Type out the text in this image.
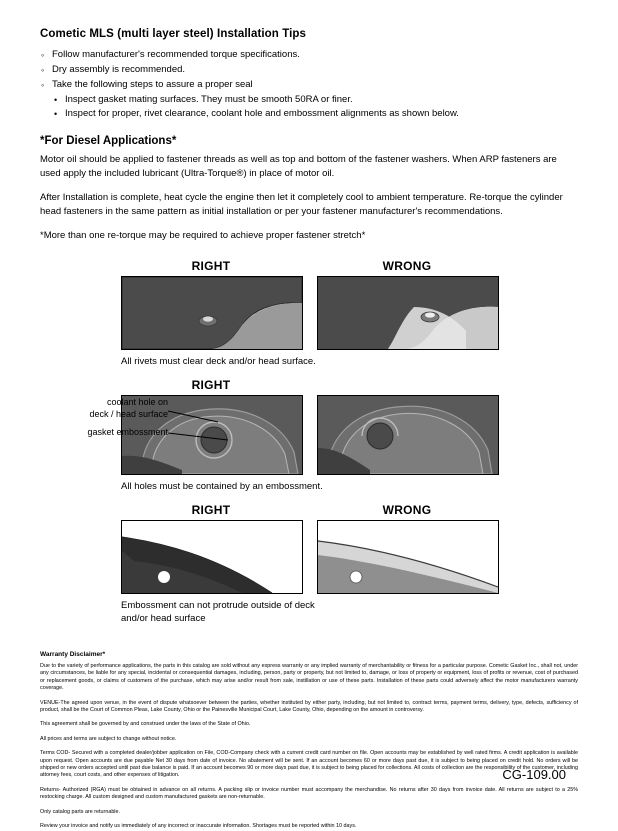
Cometic MLS (multi layer steel) Installation Tips
◦ Follow manufacturer's recommended torque specifications.
◦ Dry assembly is recommended.
◦ Take the following steps to assure a proper seal
• Inspect gasket mating surfaces. They must be smooth 50RA or finer.
• Inspect for proper, rivet clearance, coolant hole and embossment alignments as shown below.
*For Diesel Applications*

Motor oil should be applied to fastener threads as well as top and bottom of the fastener washers. When ARP fasteners are used apply the included lubricant (Ultra-Torque®) in place of motor oil.

After Installation is complete, heat cycle the engine then let it completely cool to ambient temperature. Re-torque the cylinder head fasteners in the same pattern as initial installation or per your fastener manufacturer's recommendations.

*More than one re-torque may be required to achieve proper fastener stretch*

RIGHT	WRONG

All rivets must clear deck and/or head surface.

RIGHT

All holes must be contained by an embossment.

coolant hole on
deck / head surface
gasket embossment
RIGHT	WRONG

Embossment can not protrude outside of deck
and/or head surface

Warranty Disclaimer*

Due to the variety of performance applications, the parts in this catalog are sold without any express warranty or any implied warranty of merchantability or fitness for a particular purpose. Cometic Gasket Inc., shall not, under any circumstances, be liable for any special, incidental or consequential damages, including, person, party or property, but not limited to, damage, or loss of property or equipment, loss of profits or revenue, cost of purchased or replacement goods, or claims of customers of the purchase, which may arise and/or result from sale, instillation or use of these parts. Installation of these parts could adversely affect the motor manufacturers warranty coverage.

VENUE-The agreed upon venue, in the event of dispute whatsoever between the parties, whether instituted by either party, including, but not limited to, contract terms, payment terms, delivery, type, defects, sufficiency of product, shall be the Court of Common Pleas, Lake County, Ohio or the Painesville Municipal Court, Lake County, Ohio, depending on the amount in controversy.

This agreement shall be governed by and construed under the laws of the State of Ohio.

All prices and terms are subject to change without notice.

Terms COD- Secured with a completed dealer/jobber application on File, COD-Company check with a current credit card number on file. Open accounts may be established by well rated firms. A credit application is available upon request. Open accounts are due payable Net 30 days from date of invoice. No abatement will be sent. If an account becomes 60 or more days past due, it is subject to being placed on credit hold. No orders will be shipped or new orders accepted until past due balance is paid. If an account becomes 90 or more days past due, it is subject to being placed for collections. All costs of collection are the responsibility of the customer, including attorney fees, court costs, and other expenses of litigation.

Returns- Authorized (RGA) must be obtained in advance on all returns. A packing slip or invoice number must accompany the merchandise. No returns after 30 days from invoice date. All returns are subject to a 25% restocking charge. All custom designed and custom manufactured gaskets are non-returnable.

Only catalog parts are returnable.

Review your invoice and notify us immediately of any incorrect or inaccurate information. Shortages must be reported within 10 days.

CG-109.00
